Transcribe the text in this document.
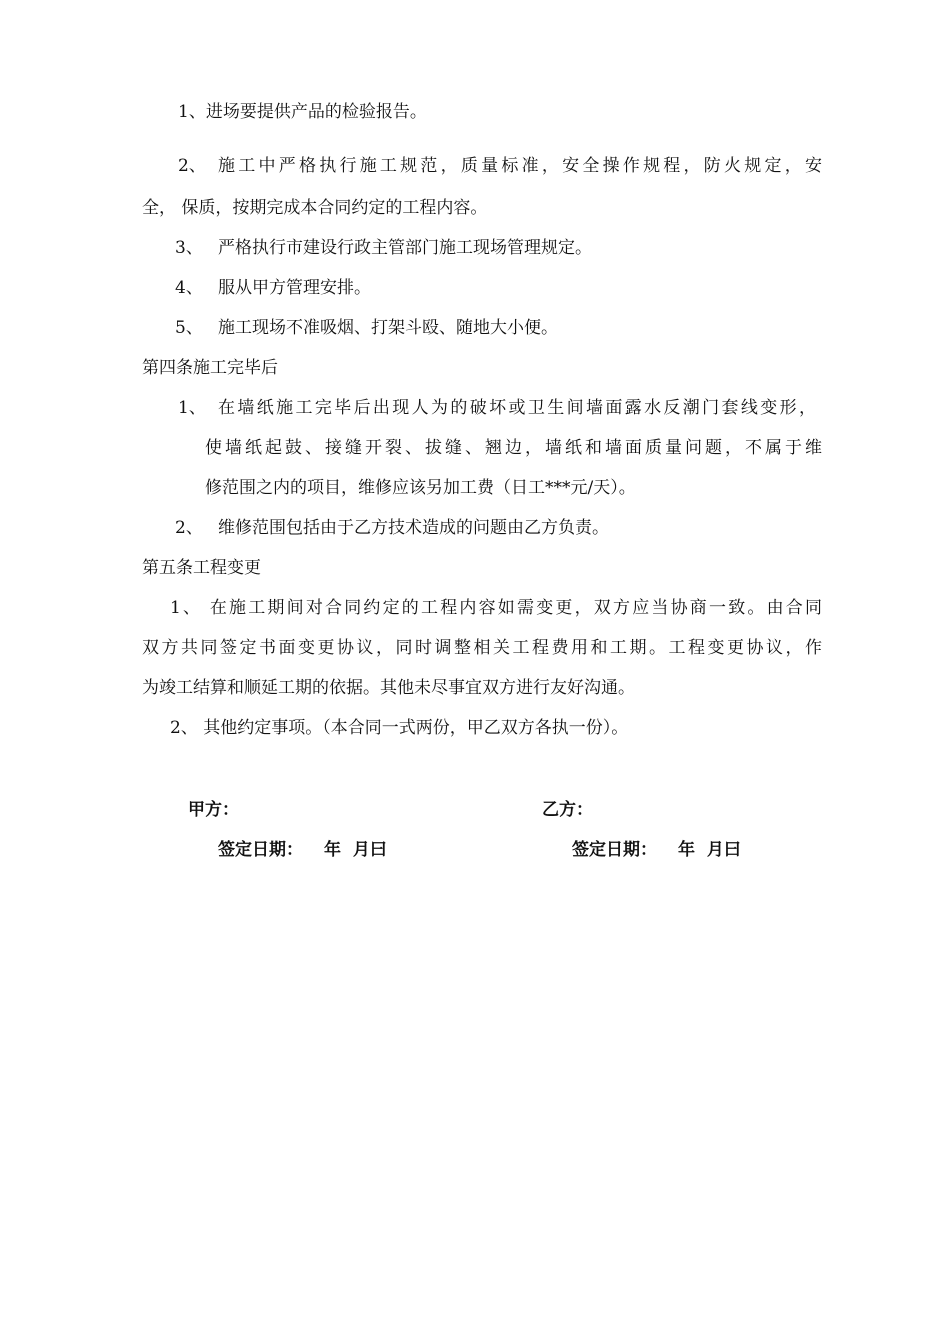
1、进场要提供产品的检验报告。
2、 施工中严格执行施工规范，质量标准，安全操作规程，防火规定，安
全， 保质，按期完成本合同约定的工程内容。
3、 严格执行市建设行政主管部门施工现场管理规定。
4、 服从甲方管理安排。
5、 施工现场不准吸烟、打架斗殴、随地大小便。
第四条施工完毕后
1、 在墙纸施工完毕后出现人为的破坏或卫生间墙面露水反潮门套线变形，
使墙纸起鼓、接缝开裂、拔缝、翘边，墙纸和墙面质量问题，不属于维
修范围之内的项目，维修应该另加工费（日工***元/天）。
2、 维修范围包括由于乙方技术造成的问题由乙方负责。
第五条工程变更
1、 在施工期间对合同约定的工程内容如需变更，双方应当协商一致。由合同
双方共同签定书面变更协议，同时调整相关工程费用和工期。工程变更协议，作
为竣工结算和顺延工期的依据。其他未尽事宜双方进行友好沟通。
2、 其他约定事项。（本合同一式两份，甲乙双方各执一份）。
甲方：	乙方：
签定日期： 年  月曰	签定日期： 年  月曰
